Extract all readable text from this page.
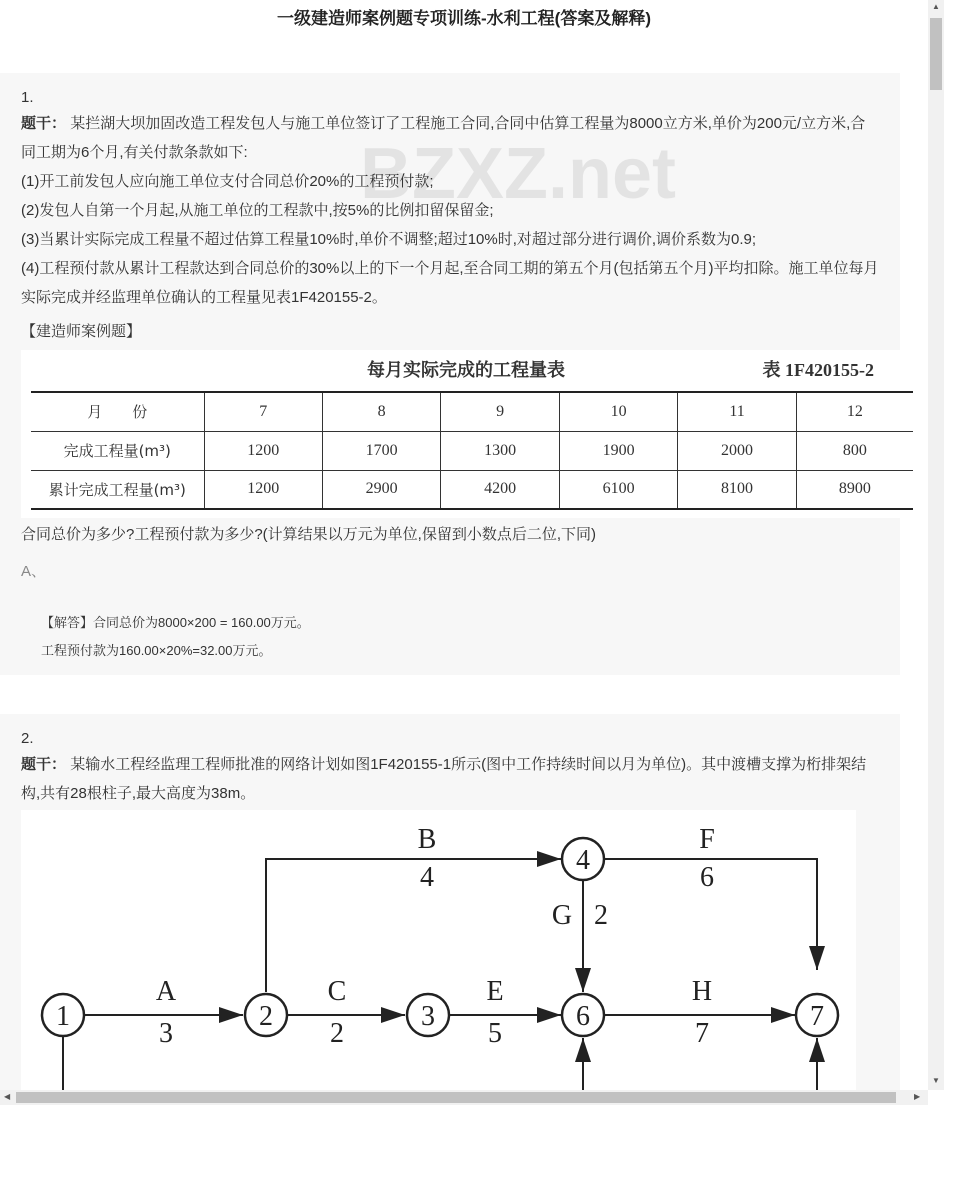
一级建造师案例题专项训练-水利工程(答案及解释)
BZXZ.net
1.
题干： 某拦湖大坝加固改造工程发包人与施工单位签订了工程施工合同,合同中估算工程量为8000立方米,单价为200元/立方米,合同工期为6个月,有关付款条款如下:
(1)开工前发包人应向施工单位支付合同总价20%的工程预付款;
(2)发包人自第一个月起,从施工单位的工程款中,按5%的比例扣留保留金;
(3)当累计实际完成工程量不超过估算工程量10%时,单价不调整;超过10%时,对超过部分进行调价,调价系数为0.9;
(4)工程预付款从累计工程款达到合同总价的30%以上的下一个月起,至合同工期的第五个月(包括第五个月)平均扣除。施工单位每月实际完成并经监理单位确认的工程量见表1F420155-2。
【建造师案例题】
每月实际完成的工程量表	表 1F420155-2
月　　份	7	8	9	10	11	12
完成工程量(m³)	1200	1700	1300	1900	2000	800
累计完成工程量(m³)	1200	2900	4200	6100	8100	8900
合同总价为多少?工程预付款为多少?(计算结果以万元为单位,保留到小数点后二位,下同)
A、
【解答】合同总价为8000×200 = 160.00万元。
工程预付款为160.00×20%=32.00万元。
2.
题干： 某输水工程经监理工程师批准的网络计划如图1F420155-1所示(图中工作持续时间以月为单位)。其中渡槽支撑为桁排架结构,共有28根柱子,最大高度为38m。
1	2	3
4
6	7
A
3
C
2
E
5
H
7
B
4
F
6
G 2
▲
▼
◀	▶
